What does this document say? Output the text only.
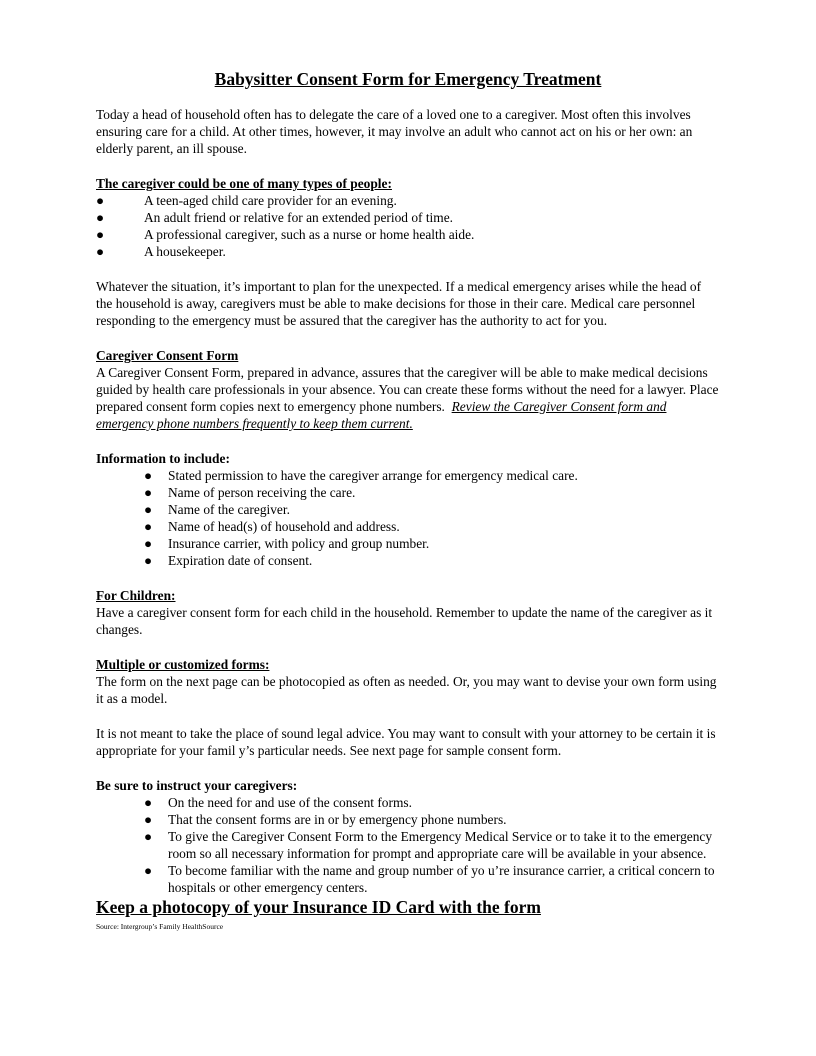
Babysitter Consent Form for Emergency Treatment

Today a head of household often has to delegate the care of a loved one to a caregiver. Most often this involves ensuring care for a child. At other times, however, it may involve an adult who cannot act on his or her own: an elderly parent, an ill spouse.

The caregiver could be one of many types of people:

●	A teen-aged child care provider for an evening.
●	An adult friend or relative for an extended period of time.
●	A professional caregiver, such as a nurse or home health aide.
●	A housekeeper.

Whatever the situation, it’s important to plan for the unexpected. If a medical emergency arises while the head of the household is away, caregivers must be able to make decisions for those in their care. Medical care personnel responding to the emergency must be assured that the caregiver has the authority to act for you.

Caregiver Consent Form

A Caregiver Consent Form, prepared in advance, assures that the caregiver will be able to make medical decisions guided by health care professionals in your absence. You can create these forms without the need for a lawyer. Place prepared consent form copies next to emergency phone numbers. Review the Caregiver Consent form and emergency phone numbers frequently to keep them current.

Information to include:

● Stated permission to have the caregiver arrange for emergency medical care.
● Name of person receiving the care.
● Name of the caregiver.
● Name of head(s) of household and address.
● Insurance carrier, with policy and group number.
● Expiration date of consent.

For Children:

Have a caregiver consent form for each child in the household. Remember to update the name of the caregiver as it changes.

Multiple or customized forms:

The form on the next page can be photocopied as often as needed. Or, you may want to devise your own form using it as a model.

It is not meant to take the place of sound legal advice. You may want to consult with your attorney to be certain it is appropriate for your famil y’s particular needs. See next page for sample consent form.

Be sure to instruct your caregivers:

● On the need for and use of the consent forms.
● That the consent forms are in or by emergency phone numbers.
● To give the Caregiver Consent Form to the Emergency Medical Service or to take it to the emergency room so all necessary information for prompt and appropriate care will be available in your absence.
● To become familiar with the name and group number of yo u’re insurance carrier, a critical concern to hospitals or other emergency centers.

Keep a photocopy of your Insurance ID Card with the form

Source: Intergroup’s Family HealthSource
